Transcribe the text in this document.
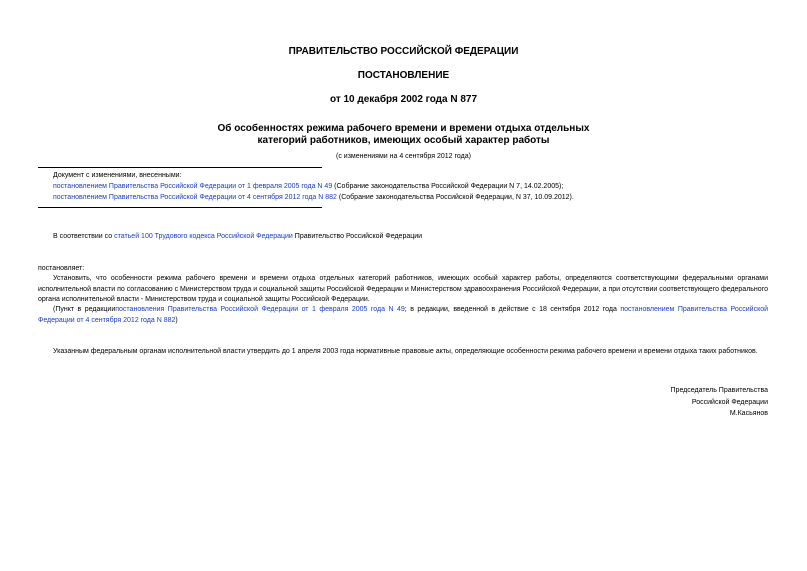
ПРАВИТЕЛЬСТВО РОССИЙСКОЙ ФЕДЕРАЦИИ
ПОСТАНОВЛЕНИЕ
от 10 декабря 2002 года N 877
Об особенностях режима рабочего времени и времени отдыха отдельных
категорий работников, имеющих особый характер работы
(с изменениями на 4 сентября 2012 года)
Документ с изменениями, внесенными:
постановлением Правительства Российской Федерации от 1 февраля 2005 года N 49 (Собрание законодательства Российской Федерации N 7, 14.02.2005);
постановлением Правительства Российской Федерации от 4 сентября 2012 года N 882 (Собрание законодательства Российской Федерации, N 37, 10.09.2012).
В соответствии со статьей 100 Трудового кодекса Российской Федерации Правительство Российской Федерации
постановляет:
Установить, что особенности режима рабочего времени и времени отдыха отдельных категорий работников, имеющих особый характер работы, определяются соответствующими федеральными органами исполнительной власти по согласованию с Министерством труда и социальной защиты Российской Федерации и Министерством здравоохранения Российской Федерации, а при отсутствии соответствующего федерального органа исполнительной власти - Министерством труда и социальной защиты Российской Федерации.
(Пункт в редакциипостановления Правительства Российской Федерации от 1 февраля 2005 года N 49; в редакции, введенной в действие с 18 сентября 2012 года постановлением Правительства Российской Федерации от 4 сентября 2012 года N 882)
Указанным федеральным органам исполнительной власти утвердить до 1 апреля 2003 года нормативные правовые акты, определяющие особенности режима рабочего времени и времени отдыха таких работников.
Председатель Правительства
Российской Федерации
М.Касьянов
